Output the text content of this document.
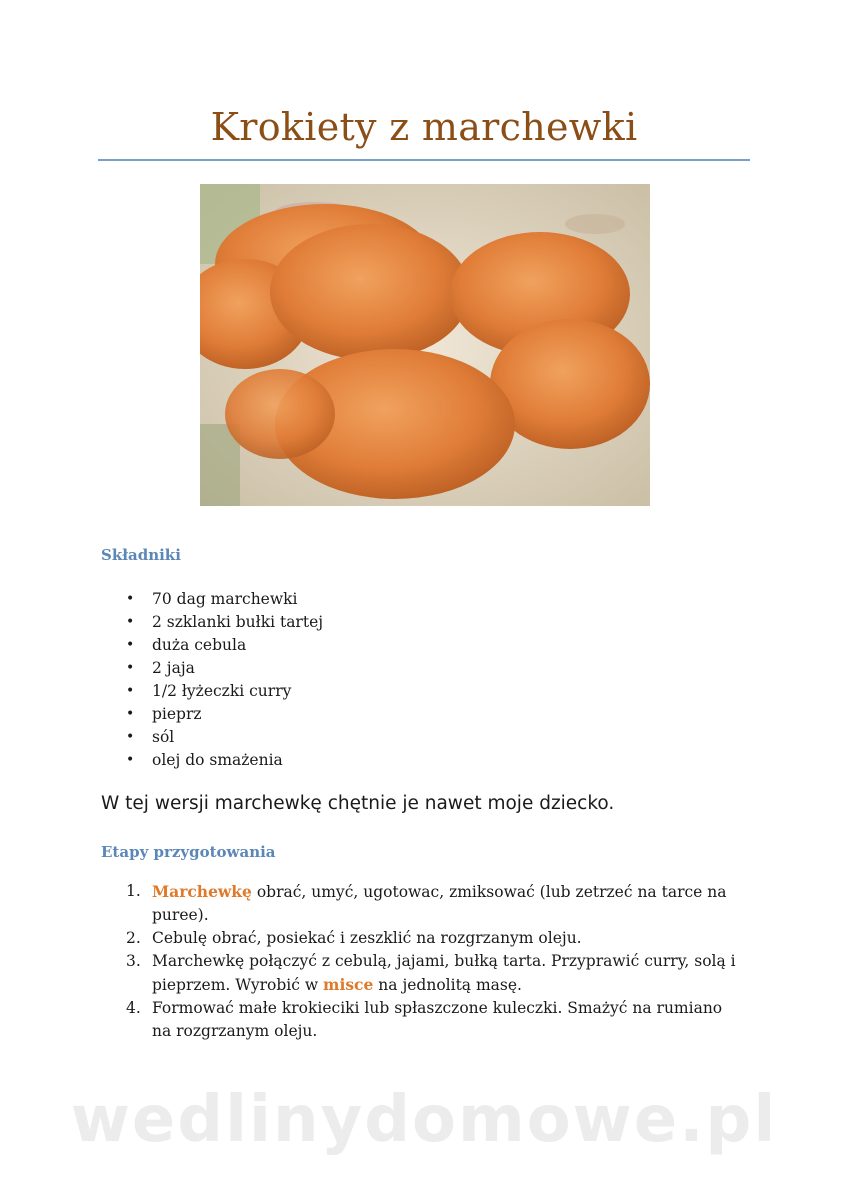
Krokiety z marchewki
Składniki
• 70 dag marchewki
• 2 szklanki bułki tartej
• duża cebula
• 2 jaja
• 1/2 łyżeczki curry
• pieprz
• sól
• olej do smażenia
W tej wersji marchewkę chętnie je nawet moje dziecko.
Etapy przygotowania
1. Marchewkę obrać, umyć, ugotowac, zmiksować (lub zetrzeć na tarce na puree).
2. Cebulę obrać, posiekać i zeszklić na rozgrzanym oleju.
3. Marchewkę połączyć z cebulą, jajami, bułką tarta. Przyprawić curry, solą i pieprzem. Wyrobić w misce na jednolitą masę.
4. Formować małe krokieciki lub spłaszczone kuleczki. Smażyć na rumiano na rozgrzanym oleju.
wedlinydomowe.pl
